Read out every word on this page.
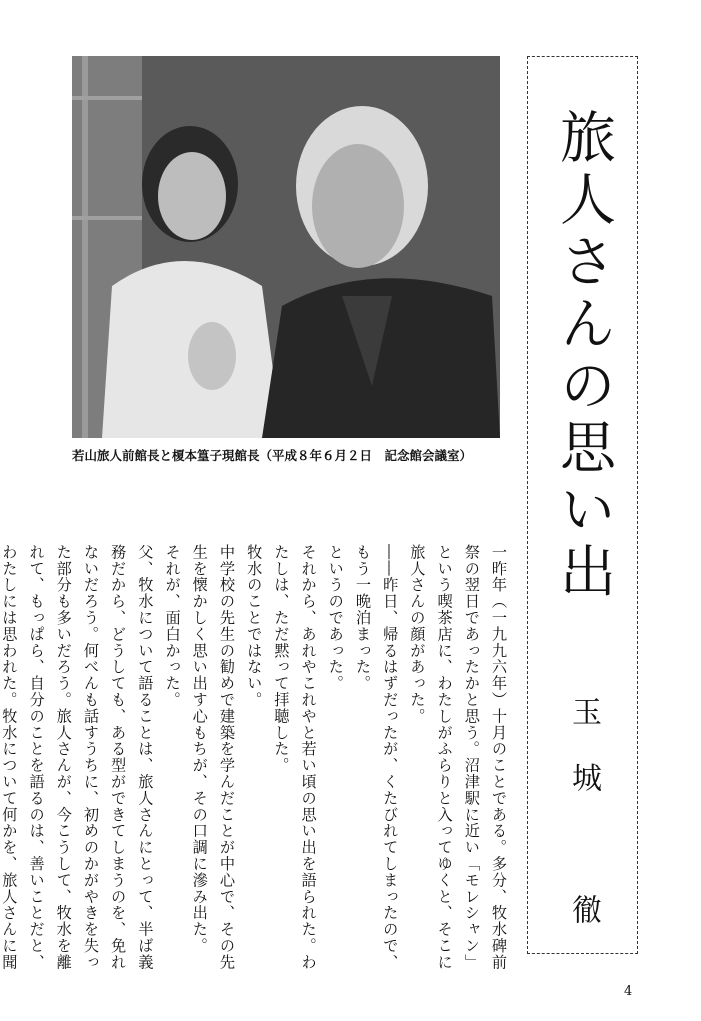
若山旅人前館長と榎本篁子現館長（平成８年６月２日　記念館会議室）	旅人さんの思い出
玉城　徹

一昨年（一九九六年）十月のことである。多分、牧水碑前祭の翌日であったかと思う。沼津駅に近い「モレシャン」という喫茶店に、わたしがふらりと入ってゆくと、そこに旅人さんの顔があった。

――昨日、帰るはずだったが、くたびれてしまったので、もう一晩泊まった。

というのであった。

それから、あれやこれやと若い頃の思い出を語られた。わたしは、ただ黙って拝聴した。

牧水のことではない。

中学校の先生の勧めで建築を学んだことが中心で、その先生を懐かしく思い出す心もちが、その口調に滲み出た。

それが、面白かった。

父、牧水について語ることは、旅人さんにとって、半ば義務だから、どうしても、ある型ができてしまうのを、免れないだろう。何べんも話すうちに、初めのかがやきを失った部分も多いだろう。旅人さんが、今こうして、牧水を離れて、もっぱら、自分のことを語るのは、善いことだと、わたしには思われた。牧水について何かを、旅人さんに聞

4
